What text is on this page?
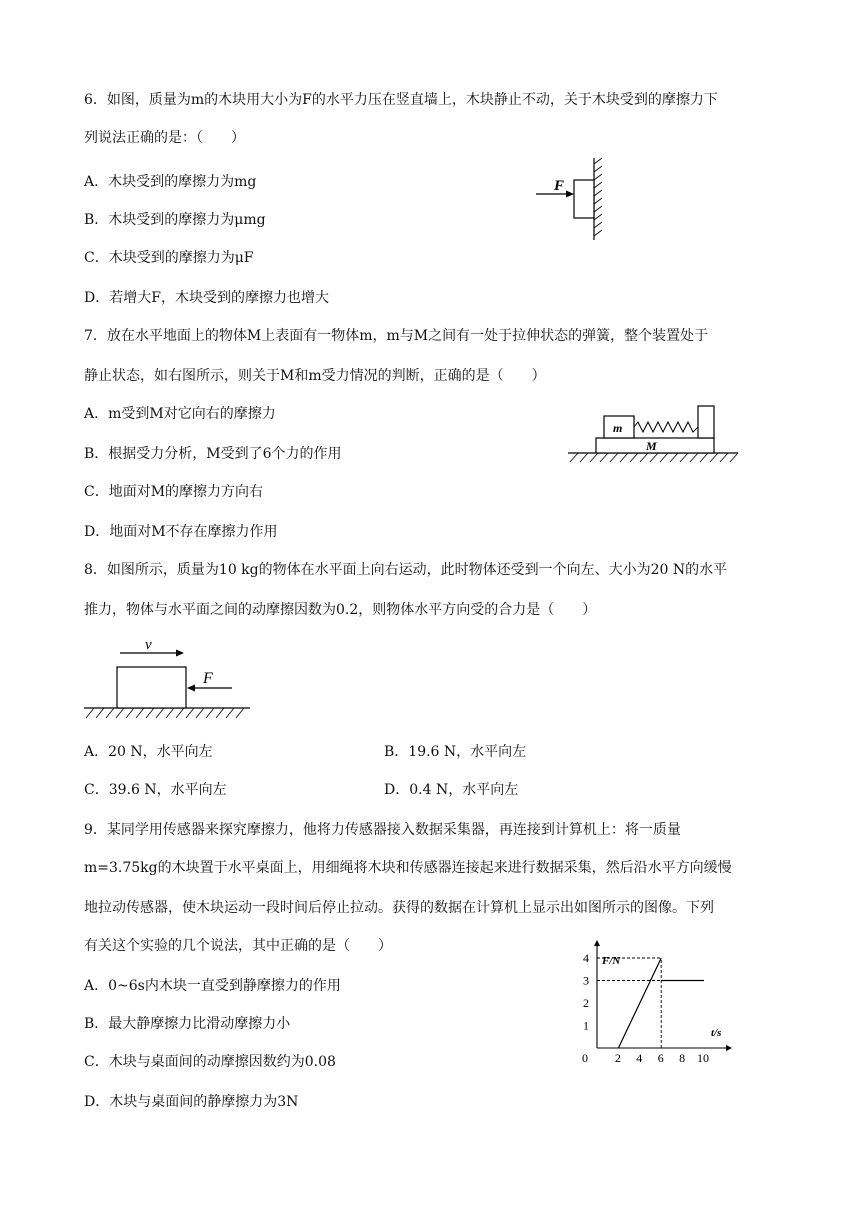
6．如图，质量为m的木块用大小为F的水平力压在竖直墙上，木块静止不动，关于木块受到的摩擦力下
列说法正确的是：（　　）
A．木块受到的摩擦力为mg
B．木块受到的摩擦力为μmg
C．木块受到的摩擦力为μF
D．若增大F，木块受到的摩擦力也增大
F
7．放在水平地面上的物体M上表面有一物体m，m与M之间有一处于拉伸状态的弹簧，整个装置处于
静止状态，如右图所示，则关于M和m受力情况的判断，正确的是（　　）
A．m受到M对它向右的摩擦力
B．根据受力分析，M受到了6个力的作用
C．地面对M的摩擦力方向右
D．地面对M不存在摩擦力作用
m
M
8．如图所示，质量为10 kg的物体在水平面上向右运动，此时物体还受到一个向左、大小为20 N的水平
推力，物体与水平面之间的动摩擦因数为0.2，则物体水平方向受的合力是（　　）
v
F
A．20 N，水平向左	B．19.6 N，水平向左
C．39.6 N，水平向左	D．0.4 N，水平向左
9．某同学用传感器来探究摩擦力，他将力传感器接入数据采集器，再连接到计算机上：将一质量
m=3.75kg的木块置于水平桌面上，用细绳将木块和传感器连接起来进行数据采集，然后沿水平方向缓慢
地拉动传感器，使木块运动一段时间后停止拉动。获得的数据在计算机上显示出如图所示的图像。下列
有关这个实验的几个说法，其中正确的是（　　）
A．0~6s内木块一直受到静摩擦力的作用
B．最大静摩擦力比滑动摩擦力小
C．木块与桌面间的动摩擦因数约为0.08
D．木块与桌面间的静摩擦力为3N
1
2
3
4
2 4 6 8 10
F/N
t/s
0
